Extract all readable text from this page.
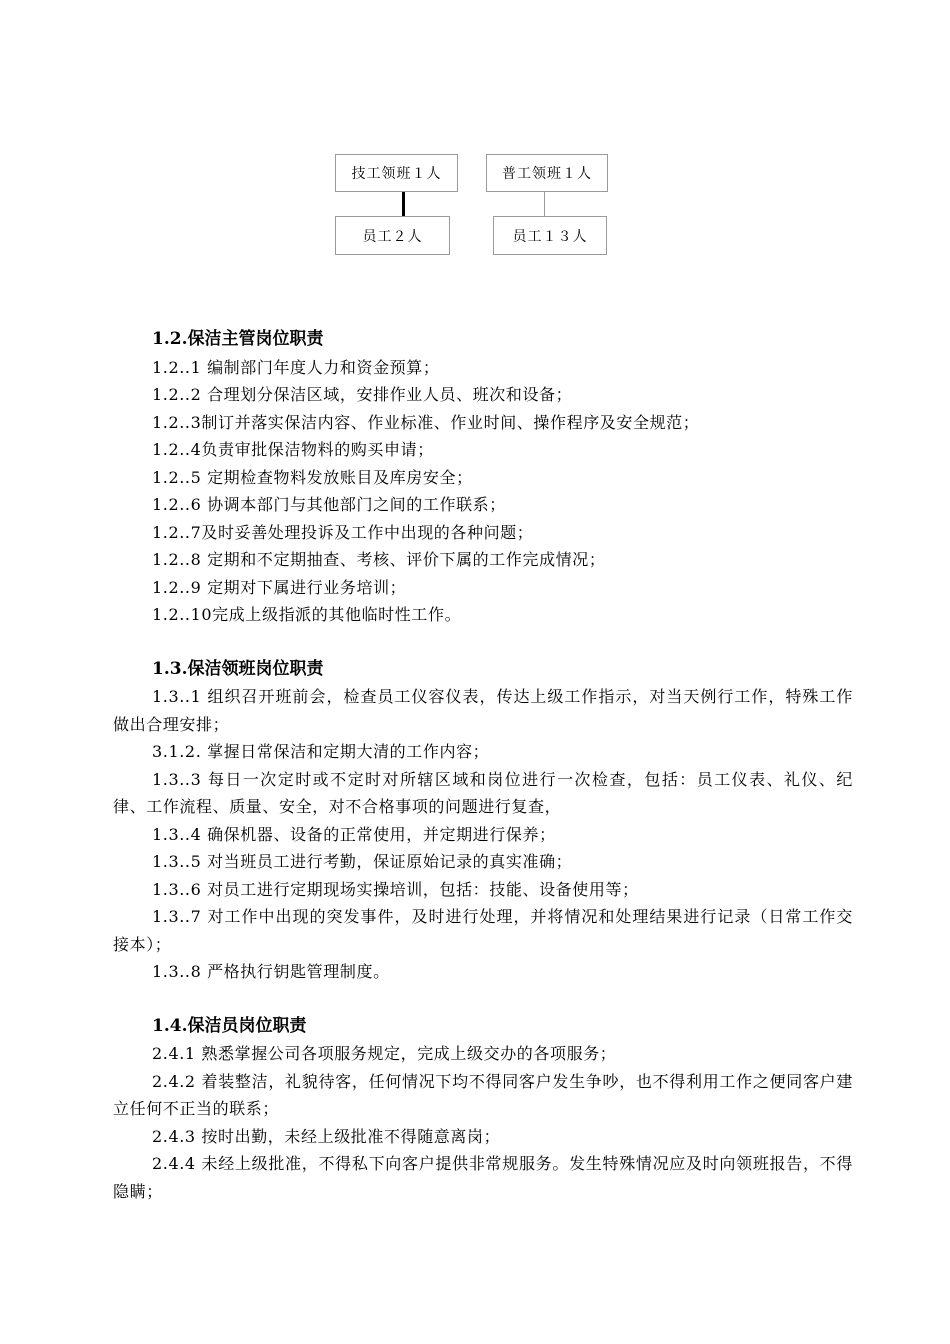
技工领班１人	普工领班１人
员工２人	员工１３人

1.2.保洁主管岗位职责

1.2..1 编制部门年度人力和资金预算；

1.2..2 合理划分保洁区域，安排作业人员、班次和设备；

1.2..3制订并落实保洁内容、作业标准、作业时间、操作程序及安全规范；

1.2..4负责审批保洁物料的购买申请；

1.2..5 定期检查物料发放账目及库房安全；

1.2..6 协调本部门与其他部门之间的工作联系；

1.2..7及时妥善处理投诉及工作中出现的各种问题；

1.2..8 定期和不定期抽查、考核、评价下属的工作完成情况；

1.2..9 定期对下属进行业务培训；

1.2..10完成上级指派的其他临时性工作。

1.3.保洁领班岗位职责

1.3..1 组织召开班前会，检查员工仪容仪表，传达上级工作指示，对当天例行工作，特殊工作做出合理安排；

3.1.2. 掌握日常保洁和定期大清的工作内容；

1.3..3 每日一次定时或不定时对所辖区域和岗位进行一次检查，包括：员工仪表、礼仪、纪律、工作流程、质量、安全，对不合格事项的问题进行复查，

1.3..4 确保机器、设备的正常使用，并定期进行保养；

1.3..5 对当班员工进行考勤，保证原始记录的真实准确；

1.3..6 对员工进行定期现场实操培训，包括：技能、设备使用等；

1.3..7 对工作中出现的突发事件，及时进行处理，并将情况和处理结果进行记录（日常工作交接本）；

1.3..8 严格执行钥匙管理制度。

1.4.保洁员岗位职责

2.4.1 熟悉掌握公司各项服务规定，完成上级交办的各项服务；

2.4.2 着装整洁，礼貌待客，任何情况下均不得同客户发生争吵，也不得利用工作之便同客户建立任何不正当的联系；

2.4.3 按时出勤，未经上级批准不得随意离岗；

2.4.4 未经上级批准，不得私下向客户提供非常规服务。发生特殊情况应及时向领班报告，不得隐瞒；
